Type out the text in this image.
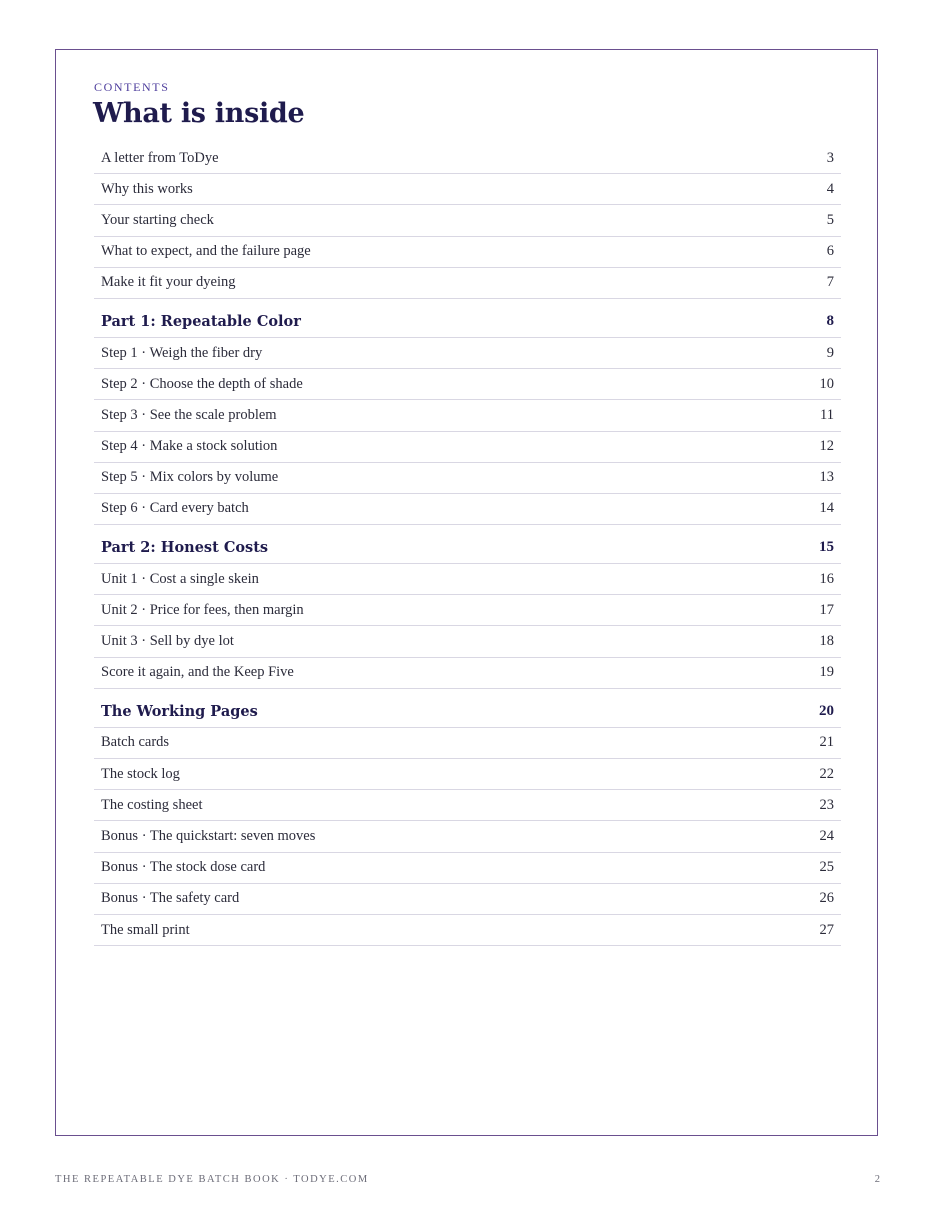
CONTENTS
What is inside
A letter from ToDye	3
Why this works	4
Your starting check	5
What to expect, and the failure page	6
Make it fit your dyeing	7
Part 1: Repeatable Color	8
Step 1 · Weigh the fiber dry	9
Step 2 · Choose the depth of shade	10
Step 3 · See the scale problem	11
Step 4 · Make a stock solution	12
Step 5 · Mix colors by volume	13
Step 6 · Card every batch	14
Part 2: Honest Costs	15
Unit 1 · Cost a single skein	16
Unit 2 · Price for fees, then margin	17
Unit 3 · Sell by dye lot	18
Score it again, and the Keep Five	19
The Working Pages	20
Batch cards	21
The stock log	22
The costing sheet	23
Bonus · The quickstart: seven moves	24
Bonus · The stock dose card	25
Bonus · The safety card	26
The small print	27
THE REPEATABLE DYE BATCH BOOK · TODYE.COM	2
